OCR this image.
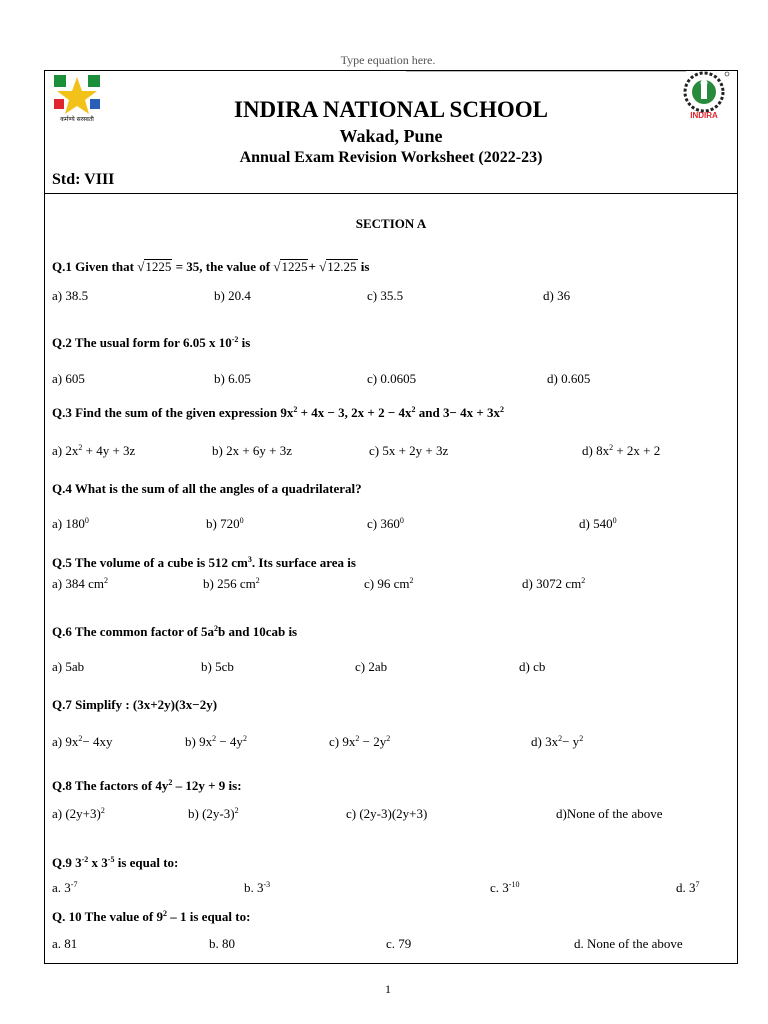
Type equation here.
कर्मण्ये सरस्वती	INDIRA
INDIRA NATIONAL SCHOOL
Wakad, Pune
Annual Exam Revision Worksheet (2022-23)
Std: VIII
SECTION A
Q.1 Given that √1225 = 35, the value of √1225+ √12.25 is
a) 38.5	b) 20.4	c) 35.5	d) 36
Q.2 The usual form for 6.05 x $10^{-2}$ is
a) 605	b) 6.05	c) 0.0605	d) 0.605
Q.3 Find the sum of the given expression $9x^2 + 4x - 3$, $2x + 2 - 4x^2$ and $3- 4x + 3x^2$
a) $2x^2 + 4y + 3z$	b) 2x + 6y + 3z	c) 5x + 2y + 3z	d) $8x^2 + 2x + 2$
Q.4 What is the sum of all the angles of a quadrilateral?
a) $180^0$	b) $720^0$	c) $360^0$	d) $540^0$
Q.5 The volume of a cube is 512 $cm^3$. Its surface area is
a) 384 $cm^2$	b) 256 $cm^2$	c) 96 $cm^2$	d) 3072 $cm^2$
Q.6 The common factor of $5a^2b$ and 10cab is
a) 5ab	b) 5cb	c) 2ab	d) cb
Q.7 Simplify : (3x+2y)(3x−2y)
a) $9x^2- 4xy$	b) $9x^2 - 4y^2$	c) $9x^2 - 2y^2$	d) $3x^2- y^2$
Q.8 The factors of $4y^2 - 12y + 9$ is:
a) $(2y+3)^2$	b) $(2y-3)^2$	c) (2y-3)(2y+3)	d)None of the above
Q.9 $3^{-2}$ x $3^{-5}$ is equal to:
a. $3^{-7}$	b. $3^{-3}$	c. $3^{-10}$	d. $3^7$
Q. 10 The value of $9^2 - 1$ is equal to:
a. 81	b. 80	c. 79	d. None of the above
1
